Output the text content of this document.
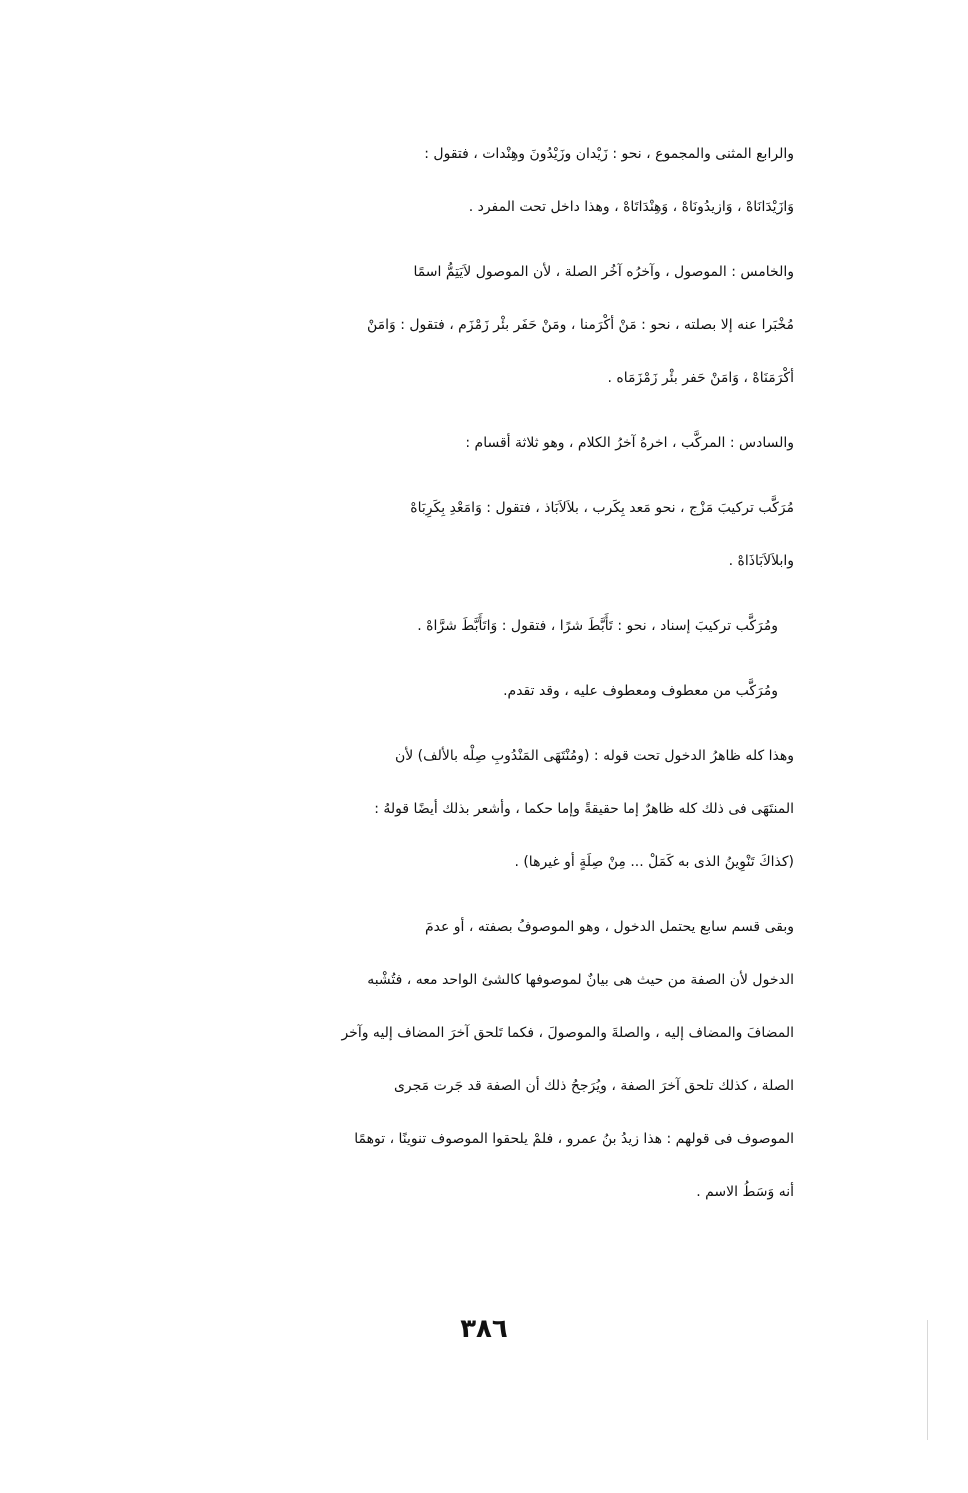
والرابع المثنى والمجموع ، نحو : زَيْدان وزَيْدُونَ وهِنْدات ، فتقول :
وَازَيْدَانَاهْ ، وَازيدُونَاهْ ، وَهِنْدَاتَاهْ ، وهذا داخل تحت المفرد .

والخامس : الموصول ، وآخرُه آخُر الصلة ، لأن الموصول لاَيَتِمُّ اسمًا
مُخْبَرا عنه إلا بصلته ، نحو : مَنْ أكْرَمنا ، ومَنْ حَفَر بئْر زَمْزَم ، فتقول : وَامَنْ
أكْرَمَنَاهْ ، وَامَنْ حَفر بئْر زَمْزَمَاه .

والسادس : المركَّب ، اخرهُ آخرُ الكلام ، وهو ثلاثة أقسام :

مُرَكَّب تركيبَ مَزْج ، نحو مَعد بِكَرب ، بلاَلاَبَاذ ، فتقول : وَامَعْدِ بِكَرِبَاهْ
وابلاَلاَبَاذَاهْ .

ومُرَكَّب تركيبَ إسناد ، نحو : تَأَبَّطَ شرًا ، فتقول : وَاتَأَبَّطَ شرَّاهْ .

ومُرَكَّب من معطوف ومعطوف عليه ، وقد تقدم.

وهذا كله ظاهرُ الدخول تحت قوله : (ومُنْتَهَى المَنْدُوبِ صِلْه بالألف) لأن
المنتَهَى فى ذلك كله ظاهرٌ إما حقيقةً وإما حكما ، وأشعر بذلك أيضًا قولهُ :
(كذاكَ تَنْوِينُ الذى به كَمَلْ ... مِنْ صِلَةٍ أو غيرها) .

وبقى قسم سابع يحتمل الدخول ، وهو الموصوفُ بصفته ، أو عدمَ
الدخول لأن الصفة من حيث هى بيانٌ لموصوفها كالشئ الواحد معه ، فتُشْبه
المضافَ والمضاف إليه ، والصلةَ والموصولَ ، فكما تَلحق آخرَ المضاف إليه وآخر
الصلة ، كذلك تلحق آخرَ الصفة ، ويُرَجحُ ذلك أن الصفة قد جَرت مَجرى
الموصوف فى قولهم : هذا زيدُ بنُ عمرو ، فلمْ يلحقوا الموصوف تنوينًا ، توهمًا
أنه وَسَطُ الاسم .

٣٨٦
